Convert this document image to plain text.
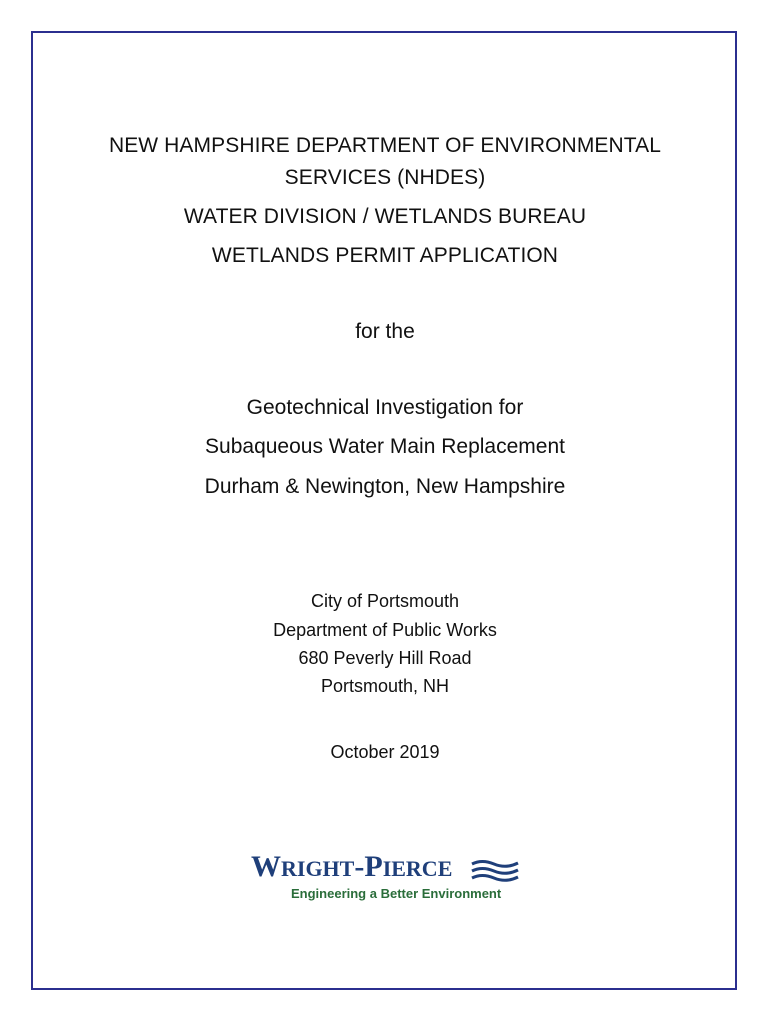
NEW HAMPSHIRE DEPARTMENT OF ENVIRONMENTAL
SERVICES (NHDES)
WATER DIVISION / WETLANDS BUREAU
WETLANDS PERMIT APPLICATION
for the
Geotechnical Investigation for
Subaqueous Water Main Replacement
Durham & Newington, New Hampshire
City of Portsmouth
Department of Public Works
680 Peverly Hill Road
Portsmouth, NH
October 2019
WRIGHT-PIERCE
Engineering a Better Environment
